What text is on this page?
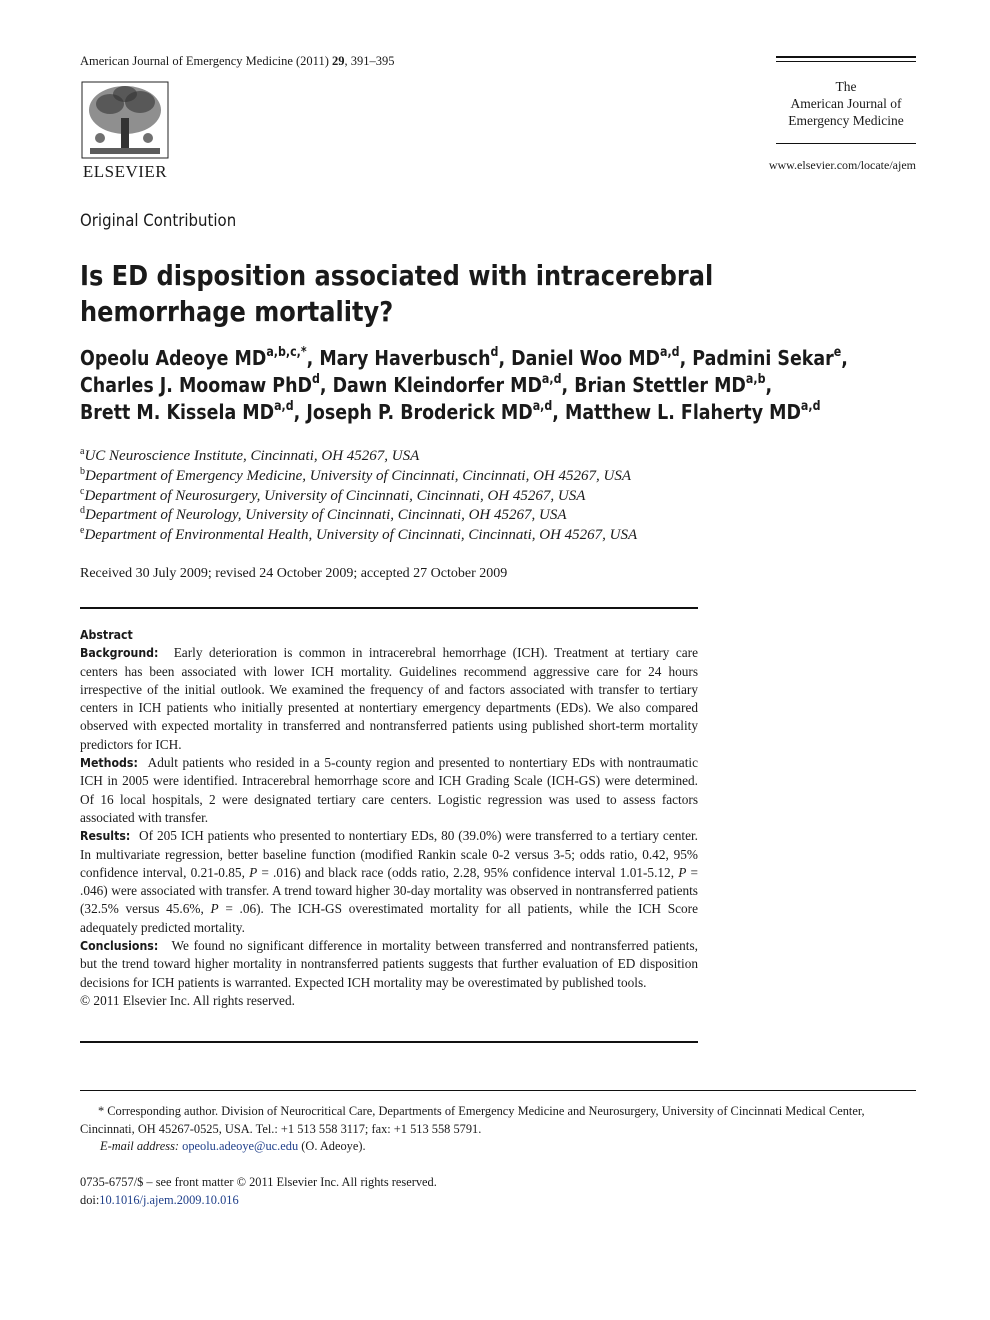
American Journal of Emergency Medicine (2011) 29, 391–395
ELSEVIER
The
American Journal of
Emergency Medicine
www.elsevier.com/locate/ajem
Original Contribution
Is ED disposition associated with intracerebral
hemorrhage mortality?
Opeolu Adeoye $MD^{a,b,c,*}$, Mary Haverbusch$^d$, Daniel Woo MD$^{a,d}$, Padmini Sekar$^e$,
Charles J. Moomaw PhD$^d$, Dawn Kleindorfer MD$^{a,d}$, Brian Stettler MD$^{a,b}$,
Brett M. Kissela MD$^{a,d}$, Joseph P. Broderick MD$^{a,d}$, Matthew L. Flaherty MD$^{a,d}$
$^a$UC Neuroscience Institute, Cincinnati, OH 45267, USA
$^b$Department of Emergency Medicine, University of Cincinnati, Cincinnati, OH 45267, USA
$^c$Department of Neurosurgery, University of Cincinnati, Cincinnati, OH 45267, USA
$^d$Department of Neurology, University of Cincinnati, Cincinnati, OH 45267, USA
$^e$Department of Environmental Health, University of Cincinnati, Cincinnati, OH 45267, USA
Received 30 July 2009; revised 24 October 2009; accepted 27 October 2009

Abstract

Background: Early deterioration is common in intracerebral hemorrhage (ICH). Treatment at tertiary care centers has been associated with lower ICH mortality. Guidelines recommend aggressive care for 24 hours irrespective of the initial outlook. We examined the frequency of and factors associated with transfer to tertiary centers in ICH patients who initially presented at nontertiary emergency departments (EDs). We also compared observed with expected mortality in transferred and nontransferred patients using published short-term mortality predictors for ICH.

Methods: Adult patients who resided in a 5-county region and presented to nontertiary EDs with nontraumatic ICH in 2005 were identified. Intracerebral hemorrhage score and ICH Grading Scale (ICH-GS) were determined. Of 16 local hospitals, 2 were designated tertiary care centers. Logistic regression was used to assess factors associated with transfer.

Results: Of 205 ICH patients who presented to nontertiary EDs, 80 (39.0%) were transferred to a tertiary center. In multivariate regression, better baseline function (modified Rankin scale 0-2 versus 3-5; odds ratio, 0.42, 95% confidence interval, 0.21-0.85, P = .016) and black race (odds ratio, 2.28, 95% confidence interval 1.01-5.12, P = .046) were associated with transfer. A trend toward higher 30-day mortality was observed in nontransferred patients (32.5% versus 45.6%, P = .06). The ICH-GS overestimated mortality for all patients, while the ICH Score adequately predicted mortality.

Conclusions: We found no significant difference in mortality between transferred and nontransferred patients, but the trend toward higher mortality in nontransferred patients suggests that further evaluation of ED disposition decisions for ICH patients is warranted. Expected ICH mortality may be overestimated by published tools.

© 2011 Elsevier Inc. All rights reserved.

* Corresponding author. Division of Neurocritical Care, Departments of Emergency Medicine and Neurosurgery, University of Cincinnati Medical Center, Cincinnati, OH 45267-0525, USA. Tel.: +1 513 558 3117; fax: +1 513 558 5791.

E-mail address: opeolu.adeoye@uc.edu (O. Adeoye).

0735-6757/$ – see front matter © 2011 Elsevier Inc. All rights reserved.
doi:10.1016/j.ajem.2009.10.016
